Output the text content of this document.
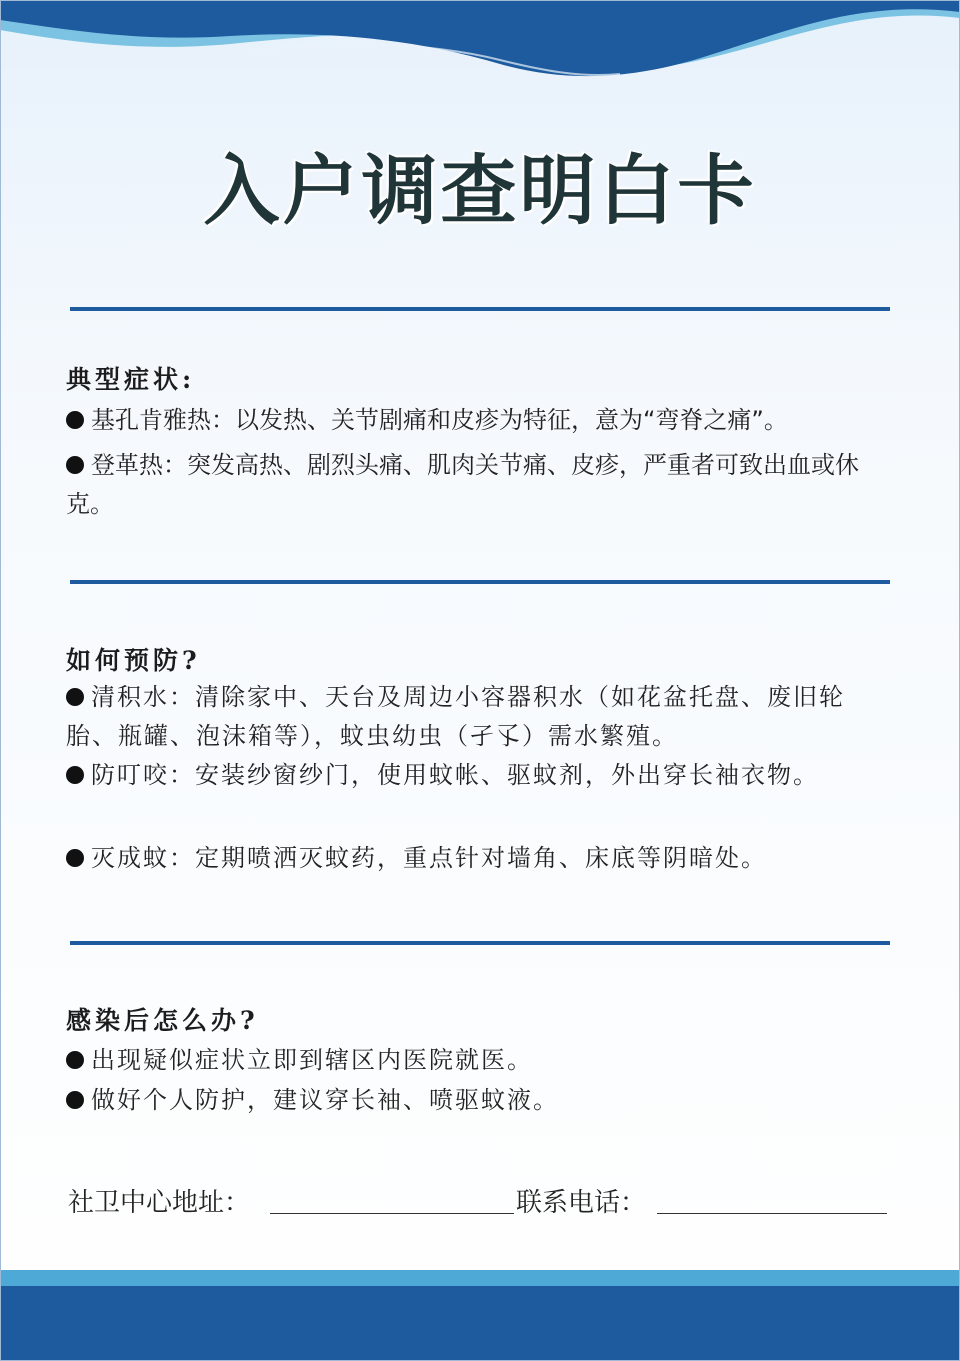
入户调查明白卡
典型症状:

基孔肯雅热：以发热、关节剧痛和皮疹为特征，意为“弯脊之痛”。

登革热：突发高热、剧烈头痛、肌肉关节痛、皮疹，严重者可致出血或休克。

如何预防?

清积水：清除家中、天台及周边小容器积水（如花盆托盘、废旧轮胎、瓶罐、泡沫箱等），蚊虫幼虫（孑孓）需水繁殖。

防叮咬：安装纱窗纱门，使用蚊帐、驱蚊剂，外出穿长袖衣物。

灭成蚊：定期喷洒灭蚊药，重点针对墙角、床底等阴暗处。

感染后怎么办?

出现疑似症状立即到辖区内医院就医。

做好个人防护，建议穿长袖、喷驱蚊液。

社卫中心地址：	联系电话：
